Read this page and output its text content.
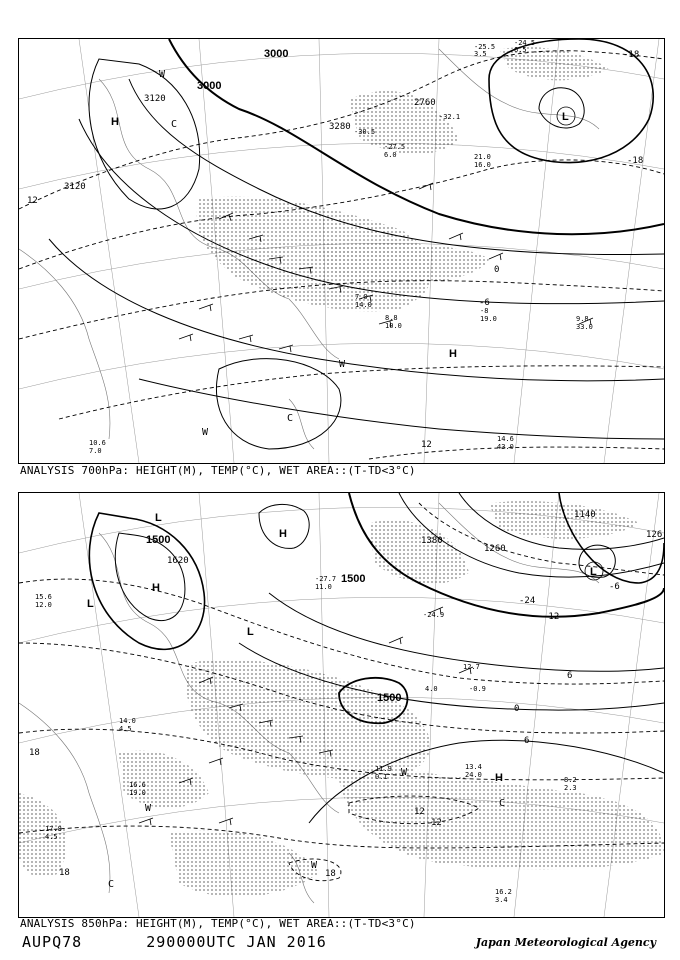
3000
3000
3120
3280
2760
3120
-18
-18
12
12
0
-6
H
H
L
C
C
W
W
W
-25.5
3.5
-24.5
6.5
-32.1
-30.5
9.8
33.0
14.6
43.0
10.6
7.0
7.0
14.0
8.8
10.0
-8
19.0
21.0
16.0
-27.5
6.0
ANALYSIS 700hPa: HEIGHT(M), TEMP(°C), WET AREA::(T-TD<3°C)
1500
1500
1500
1620
1380
1260
1140
126
18
18	18
12
12
6
6
0
-6
-12
-24
L
L
L
L
H
H
H
C
C
W
W
W
15.6
12.0
14.0
4.5
13.4
24.0
8.2
2.3
16.2
3.4
17.8
4.5
-27.7
11.0
-24.9
12.7
-0.9
4.0
11.9
0.1
16.6
19.0
ANALYSIS 850hPa: HEIGHT(M), TEMP(°C), WET AREA::(T-TD<3°C)
AUPQ78	290000UTC JAN 2016	Japan Meteorological Agency
